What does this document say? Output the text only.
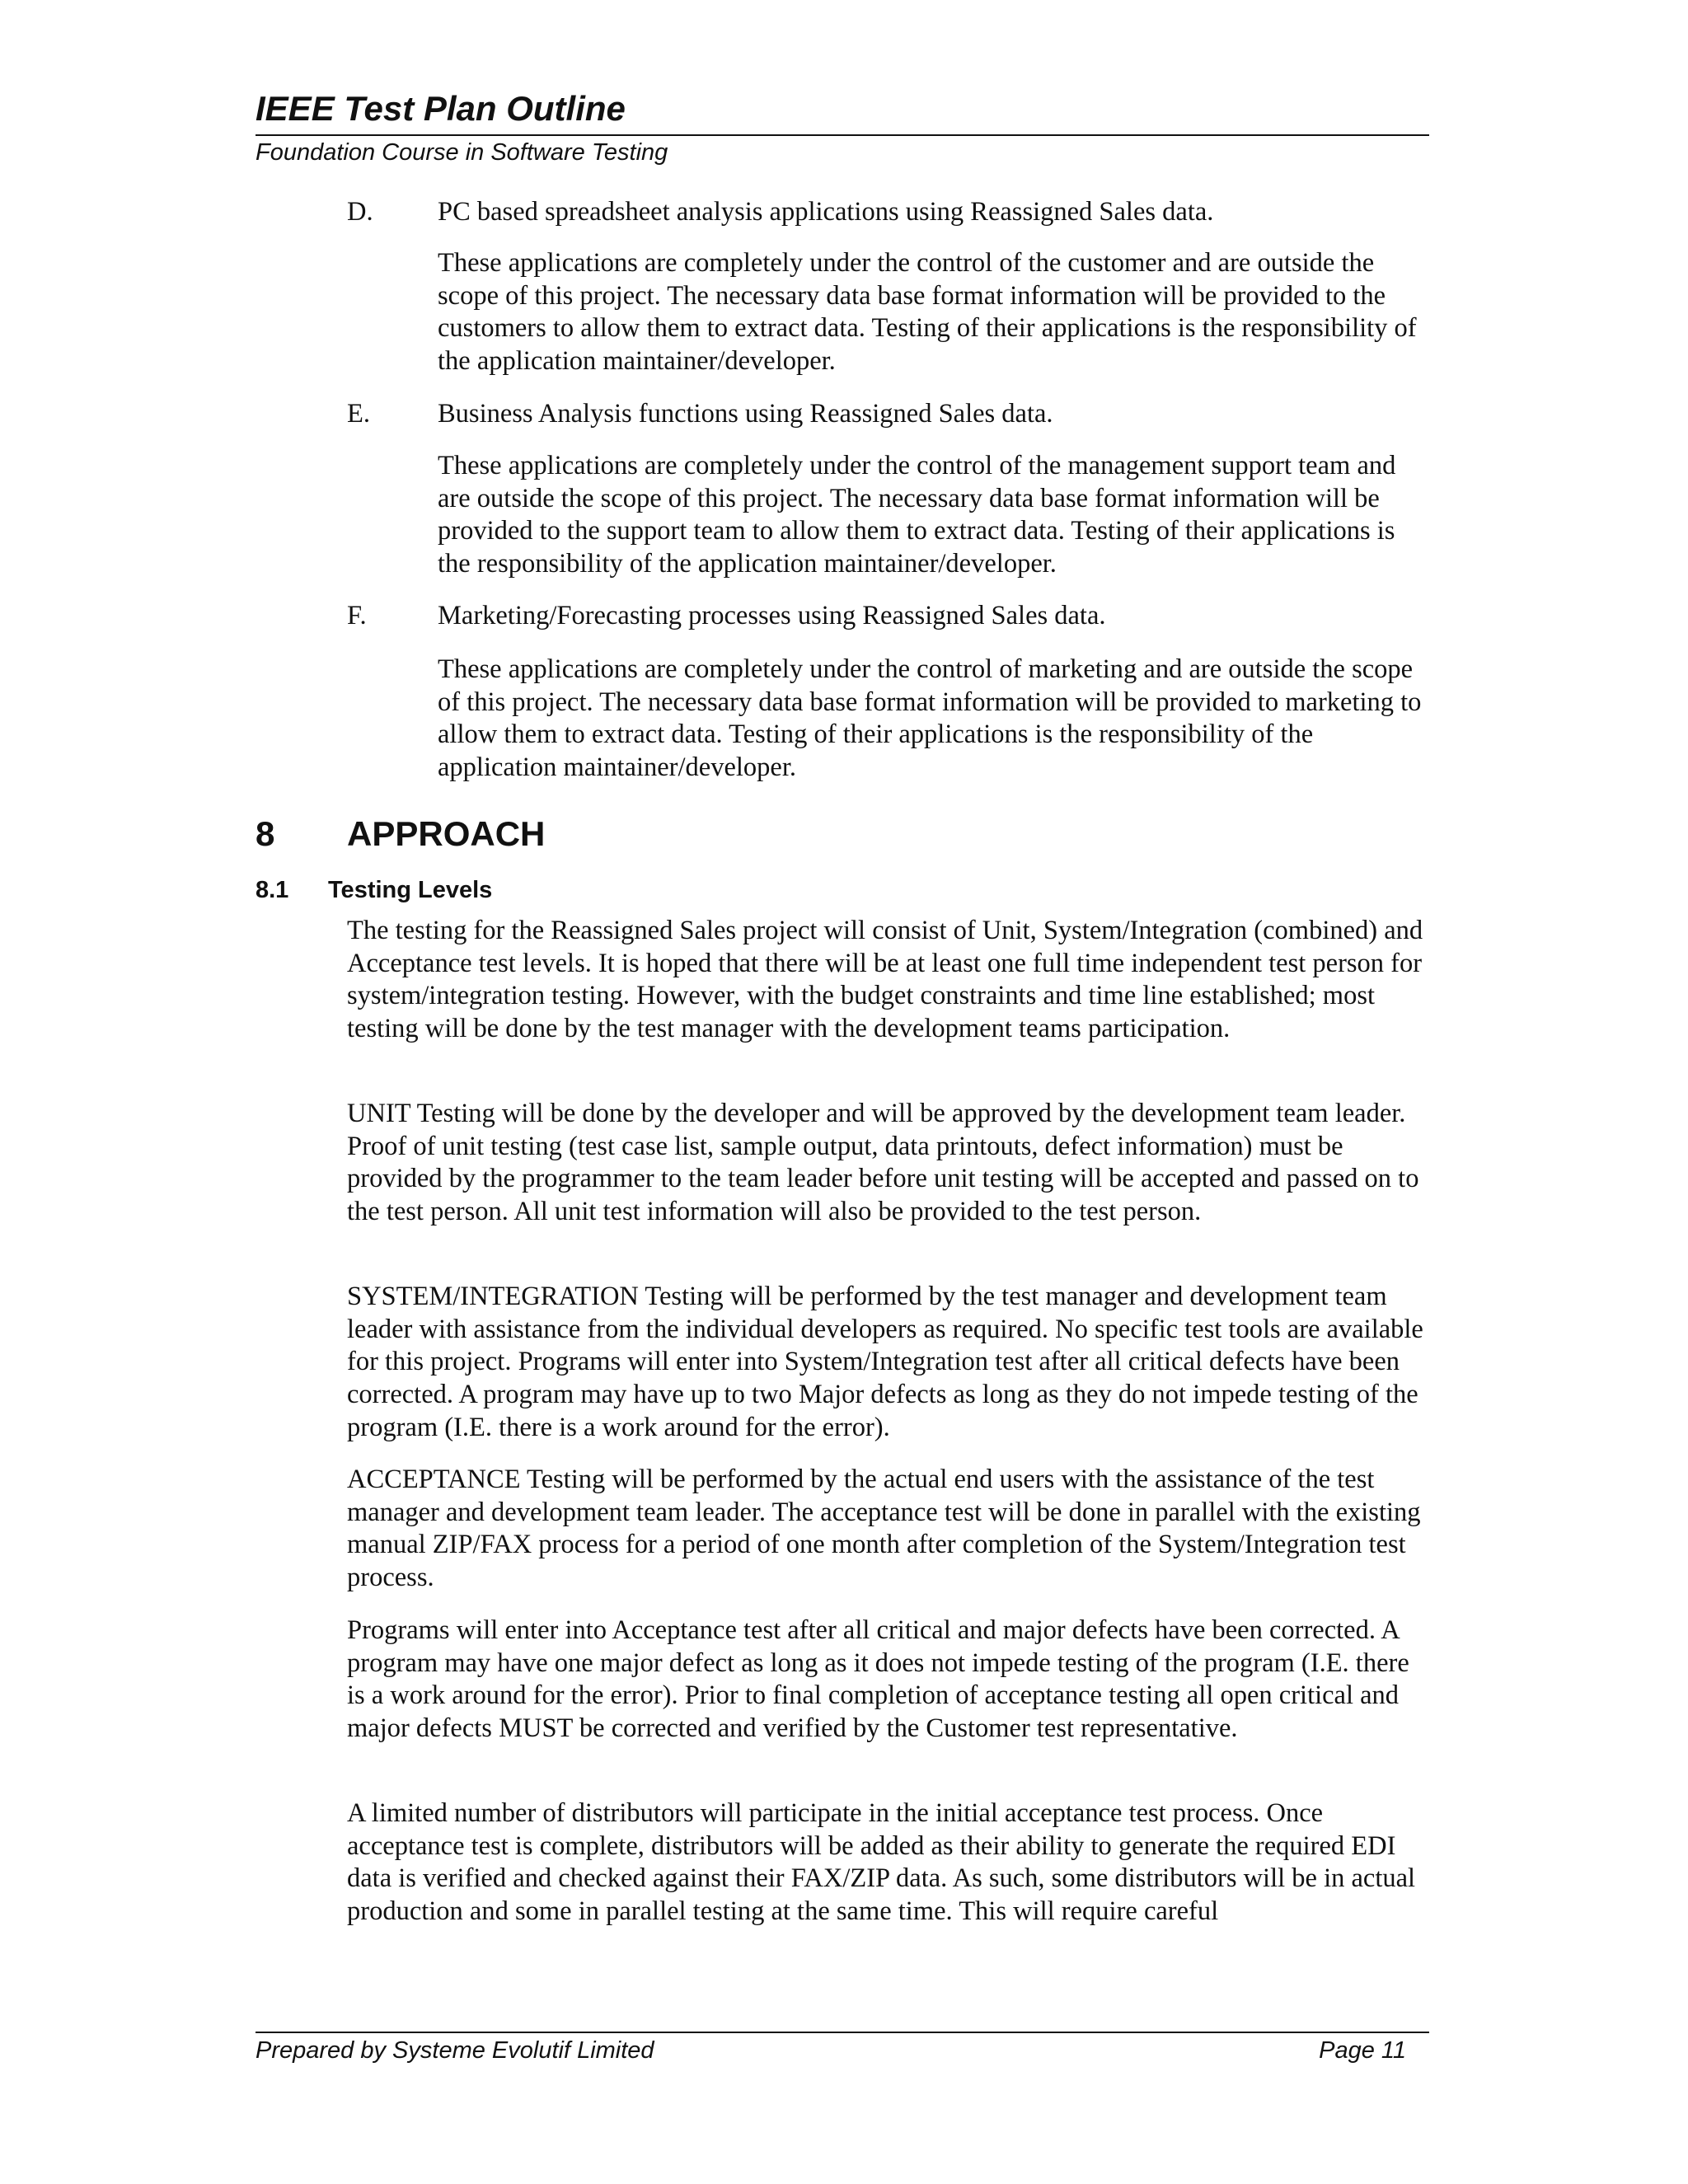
IEEE Test Plan Outline
Foundation Course in Software Testing
D. PC based spreadsheet analysis applications using Reassigned Sales data.

These applications are completely under the control of the customer and are outside the scope of this project. The necessary data base format information will be provided to the customers to allow them to extract data. Testing of their applications is the responsibility of the application maintainer/developer.

E.	Business Analysis functions using Reassigned Sales data.

These applications are completely under the control of the management support team and are outside the scope of this project. The necessary data base format information will be provided to the support team to allow them to extract data. Testing of their applications is the responsibility of the application maintainer/developer.

F.	Marketing/Forecasting processes using Reassigned Sales data.

These applications are completely under the control of marketing and are outside the scope of this project. The necessary data base format information will be provided to marketing to allow them to extract data. Testing of their applications is the responsibility of the application maintainer/developer.

8 APPROACH
8.1 Testing Levels

The testing for the Reassigned Sales project will consist of Unit, System/Integration (combined) and Acceptance test levels. It is hoped that there will be at least one full time independent test person for system/integration testing. However, with the budget constraints and time line established; most testing will be done by the test manager with the development teams participation.

UNIT Testing will be done by the developer and will be approved by the development team leader. Proof of unit testing (test case list, sample output, data printouts, defect information) must be provided by the programmer to the team leader before unit testing will be accepted and passed on to the test person. All unit test information will also be provided to the test person.

SYSTEM/INTEGRATION Testing will be performed by the test manager and development team leader with assistance from the individual developers as required. No specific test tools are available for this project. Programs will enter into System/Integration test after all critical defects have been corrected. A program may have up to two Major defects as long as they do not impede testing of the program (I.E. there is a work around for the error).

ACCEPTANCE Testing will be performed by the actual end users with the assistance of the test manager and development team leader. The acceptance test will be done in parallel with the existing manual ZIP/FAX process for a period of one month after completion of the System/Integration test process.

Programs will enter into Acceptance test after all critical and major defects have been corrected. A program may have one major defect as long as it does not impede testing of the program (I.E. there is a work around for the error). Prior to final completion of acceptance testing all open critical and major defects MUST be corrected and verified by the Customer test representative.

A limited number of distributors will participate in the initial acceptance test process. Once acceptance test is complete, distributors will be added as their ability to generate the required EDI data is verified and checked against their FAX/ZIP data. As such, some distributors will be in actual production and some in parallel testing at the same time. This will require careful

Prepared by Systeme Evolutif Limited	Page 11
